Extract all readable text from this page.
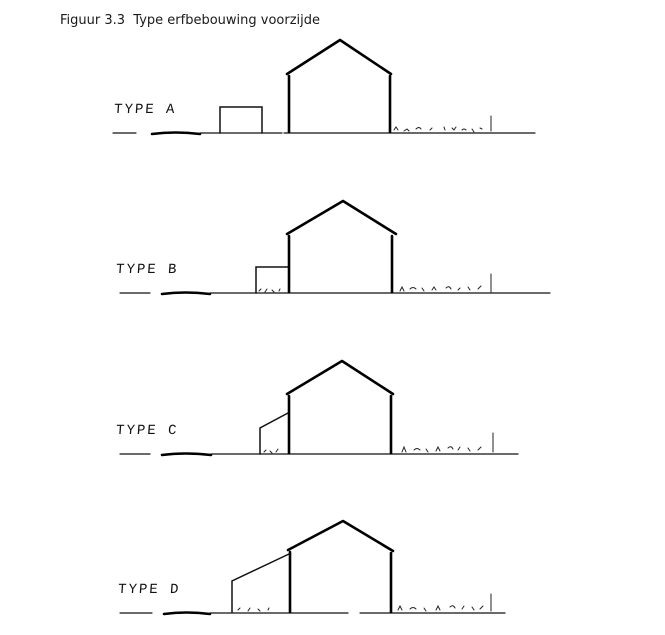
Figuur 3.3  Type erfbebouwing voorzijde
TYPE A
TYPE B
TYPE C
TYPE D
